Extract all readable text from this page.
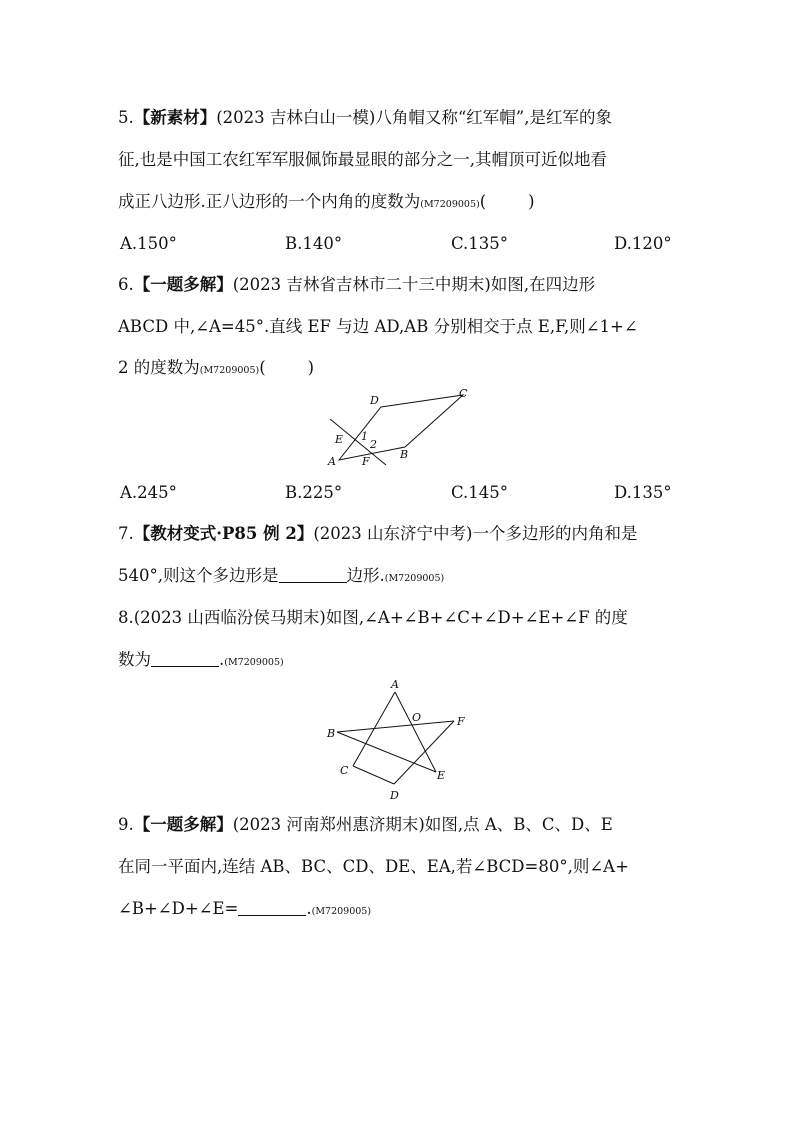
5.【新素材】(2023 吉林白山一模)八角帽又称“红军帽”,是红军的象
征,也是中国工农红军军服佩饰最显眼的部分之一,其帽顶可近似地看
成正八边形.正八边形的一个内角的度数为(M7209005)(        )
A.150°	B.140°	C.135°	D.120°
6.【一题多解】(2023 吉林省吉林市二十三中期末)如图,在四边形
ABCD 中,∠A=45°.直线 EF 与边 AD,AB 分别相交于点 E,F,则∠1+∠
2 的度数为(M7209005)(        )
D
C
E 1
2
A F
B
A.245°	B.225°	C.145°	D.135°
7.【教材变式·P85 例 2】(2023 山东济宁中考)一个多边形的内角和是
540°,则这个多边形是	边形.(M7209005)
8.(2023 山西临汾侯马期末)如图,∠A+∠B+∠C+∠D+∠E+∠F 的度
数为	.(M7209005)
A
O	F
B
C	E
D
9.【一题多解】(2023 河南郑州惠济期末)如图,点 A、B、C、D、E
在同一平面内,连结 AB、BC、CD、DE、EA,若∠BCD=80°,则∠A+
∠B+∠D+∠E=	.(M7209005)
